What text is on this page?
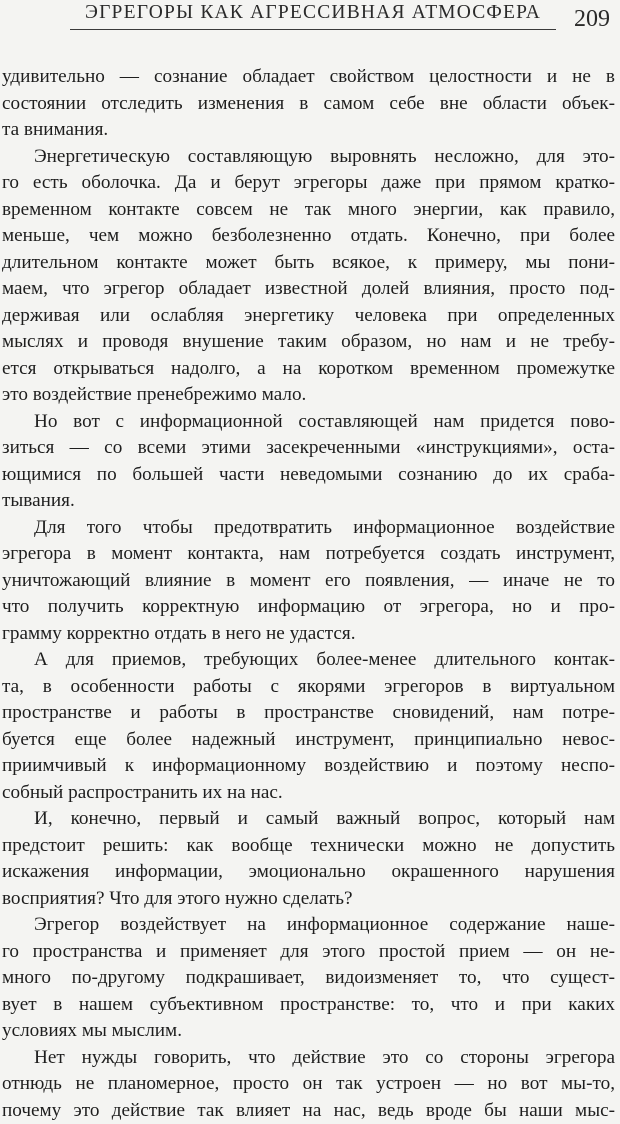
ЭГРЕГОРЫ КАК АГРЕССИВНАЯ АТМОСФЕРА	209
удивительно — сознание обладает свойством целостности и не в
состоянии отследить изменения в самом себе вне области объек-
та внимания.
Энергетическую составляющую выровнять несложно, для это-
го есть оболочка. Да и берут эгрегоры даже при прямом кратко-
временном контакте совсем не так много энергии, как правило,
меньше, чем можно безболезненно отдать. Конечно, при более
длительном контакте может быть всякое, к примеру, мы пони-
маем, что эгрегор обладает известной долей влияния, просто под-
держивая или ослабляя энергетику человека при определенных
мыслях и проводя внушение таким образом, но нам и не требу-
ется открываться надолго, а на коротком временном промежутке
это воздействие пренебрежимо мало.
Но вот с информационной составляющей нам придется пово-
зиться — со всеми этими засекреченными «инструкциями», оста-
ющимися по большей части неведомыми сознанию до их сраба-
тывания.
Для того чтобы предотвратить информационное воздействие
эгрегора в момент контакта, нам потребуется создать инструмент,
уничтожающий влияние в момент его появления, — иначе не то
что получить корректную информацию от эгрегора, но и про-
грамму корректно отдать в него не удастся.
А для приемов, требующих более-менее длительного контак-
та, в особенности работы с якорями эгрегоров в виртуальном
пространстве и работы в пространстве сновидений, нам потре-
буется еще более надежный инструмент, принципиально невос-
приимчивый к информационному воздействию и поэтому неспо-
собный распространить их на нас.
И, конечно, первый и самый важный вопрос, который нам
предстоит решить: как вообще технически можно не допустить
искажения информации, эмоционально окрашенного нарушения
восприятия? Что для этого нужно сделать?
Эгрегор воздействует на информационное содержание наше-
го пространства и применяет для этого простой прием — он не-
много по-другому подкрашивает, видоизменяет то, что сущест-
вует в нашем субъективном пространстве: то, что и при каких
условиях мы мыслим.
Нет нужды говорить, что действие это со стороны эгрегора
отнюдь не планомерное, просто он так устроен — но вот мы-то,
почему это действие так влияет на нас, ведь вроде бы наши мыс-
